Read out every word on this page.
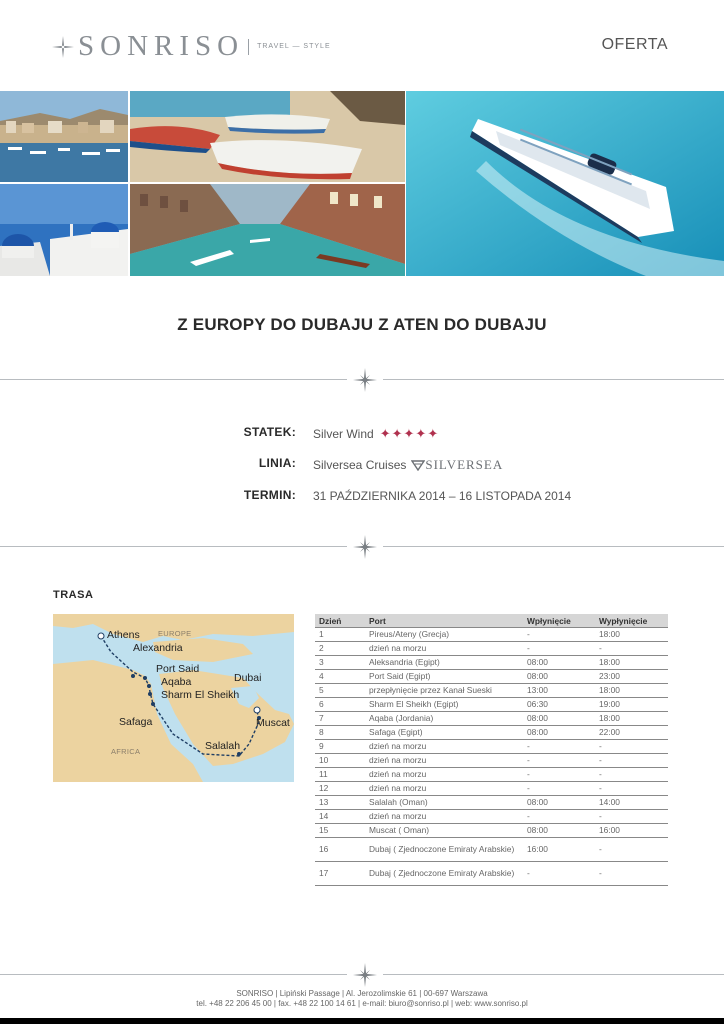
SONRISO TRAVEL — STYLE	OFERTA
Z EUROPY DO DUBAJU Z ATEN DO DUBAJU
STATEK: Silver Wind ✦ ✦ ✦ ✦ ✦
LINIA: Silversea Cruises SILVERSEA
TERMIN: 31 PAŹDZIERNIKA 2014 – 16 LISTOPADA 2014
TRASA
Athens EUROPE
Alexandria
Port Said
Aqaba
Sharm El Sheikh
Safaga
Dubai
Muscat
Salalah
AFRICA
Dzień	Port	Wpłynięcie	Wypłynięcie
1	Pireus/Ateny (Grecja)	-	18:00
2	dzień na morzu	-	-
3	Aleksandria (Egipt)	08:00	18:00
4	Port Said (Egipt)	08:00	23:00
5	przepłynięcie przez Kanał Sueski	13:00	18:00
6	Sharm El Sheikh (Egipt)	06:30	19:00
7	Aqaba (Jordania)	08:00	18:00
8	Safaga (Egipt)	08:00	22:00
9	dzień na morzu	-	-
10	dzień na morzu	-	-
11	dzień na morzu	-	-
12	dzień na morzu	-	-
13	Salalah (Oman)	08:00	14:00
14	dzień na morzu	-	-
15	Muscat ( Oman)	08:00	16:00
16	Dubaj ( Zjednoczone Emiraty Arabskie)	16:00	-
17	Dubaj ( Zjednoczone Emiraty Arabskie)	-	-
SONRISO | Lipiński Passage | Al. Jerozolimskie 61 | 00-697 Warszawa
tel. +48 22 206 45 00 | fax. +48 22 100 14 61 | e-mail: biuro@sonriso.pl | web: www.sonriso.pl
